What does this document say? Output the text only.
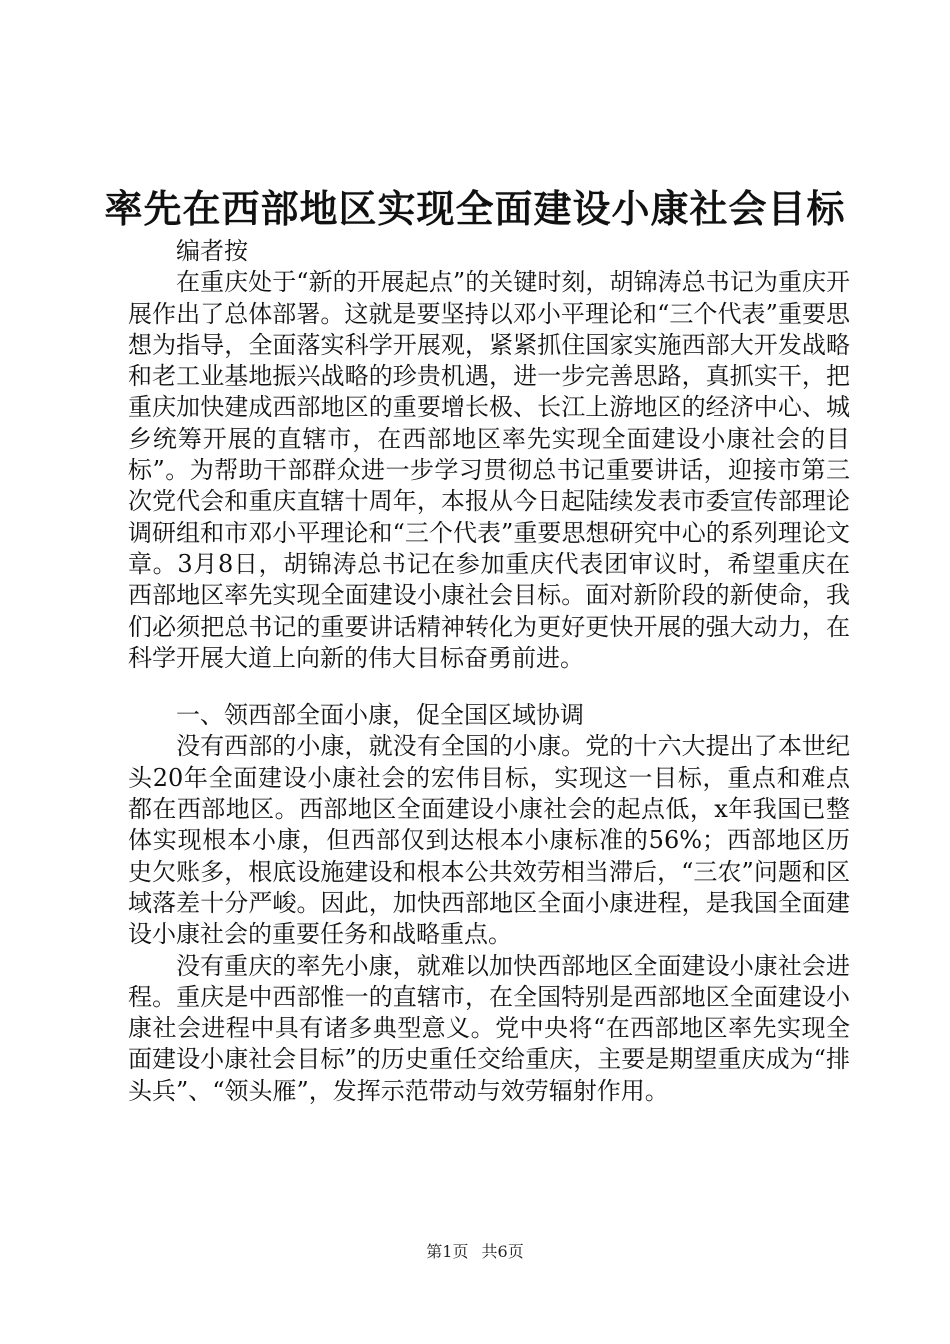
率先在西部地区实现全面建设小康社会目标

编者按

在重庆处于“新的开展起点”的关键时刻，胡锦涛总书记为重庆开展作出了总体部署。这就是要坚持以邓小平理论和“三个代表”重要思想为指导，全面落实科学开展观，紧紧抓住国家实施西部大开发战略和老工业基地振兴战略的珍贵机遇，进一步完善思路，真抓实干，把重庆加快建成西部地区的重要增长极、长江上游地区的经济中心、城乡统筹开展的直辖市，在西部地区率先实现全面建设小康社会的目标”。为帮助干部群众进一步学习贯彻总书记重要讲话，迎接市第三次党代会和重庆直辖十周年，本报从今日起陆续发表市委宣传部理论调研组和市邓小平理论和“三个代表”重要思想研究中心的系列理论文章。3月8日，胡锦涛总书记在参加重庆代表团审议时，希望重庆在西部地区率先实现全面建设小康社会目标。面对新阶段的新使命，我们必须把总书记的重要讲话精神转化为更好更快开展的强大动力，在科学开展大道上向新的伟大目标奋勇前进。

一、领西部全面小康，促全国区域协调

没有西部的小康，就没有全国的小康。党的十六大提出了本世纪头20年全面建设小康社会的宏伟目标，实现这一目标，重点和难点都在西部地区。西部地区全面建设小康社会的起点低，x年我国已整体实现根本小康，但西部仅到达根本小康标准的56%；西部地区历史欠账多，根底设施建设和根本公共效劳相当滞后，“三农”问题和区域落差十分严峻。因此，加快西部地区全面小康进程，是我国全面建设小康社会的重要任务和战略重点。

没有重庆的率先小康，就难以加快西部地区全面建设小康社会进程。重庆是中西部惟一的直辖市，在全国特别是西部地区全面建设小康社会进程中具有诸多典型意义。党中央将“在西部地区率先实现全面建设小康社会目标”的历史重任交给重庆，主要是期望重庆成为“排头兵”、“领头雁”，发挥示范带动与效劳辐射作用。

第1页 共6页
